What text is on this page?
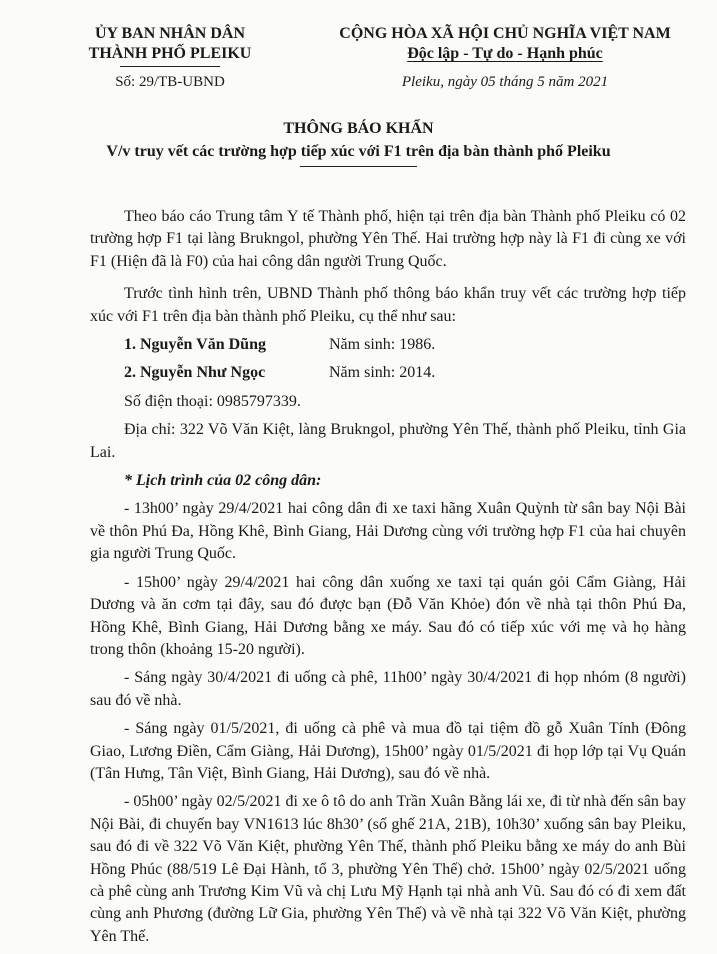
ỦY BAN NHÂN DÂN
THÀNH PHỐ PLEIKU
Số: 29/TB-UBND
CỘNG HÒA XÃ HỘI CHỦ NGHĨA VIỆT NAM
Độc lập - Tự do - Hạnh phúc
Pleiku, ngày 05 tháng 5 năm 2021
THÔNG BÁO KHẨN
V/v truy vết các trường hợp tiếp xúc với F1 trên địa bàn thành phố Pleiku

Theo báo cáo Trung tâm Y tế Thành phố, hiện tại trên địa bàn Thành phố Pleiku có 02 trường hợp F1 tại làng Brukngol, phường Yên Thế. Hai trường hợp này là F1 đi cùng xe với F1 (Hiện đã là F0) của hai công dân người Trung Quốc.

Trước tình hình trên, UBND Thành phố thông báo khẩn truy vết các trường hợp tiếp xúc với F1 trên địa bàn thành phố Pleiku, cụ thể như sau:

1. Nguyễn Văn Dũng	Năm sinh: 1986.
2. Nguyễn Như Ngọc	Năm sinh: 2014.

Số điện thoại: 0985797339.

Địa chỉ: 322 Võ Văn Kiệt, làng Brukngol, phường Yên Thế, thành phố Pleiku, tỉnh Gia Lai.

* Lịch trình của 02 công dân:

- 13h00’ ngày 29/4/2021 hai công dân đi xe taxi hãng Xuân Quỳnh từ sân bay Nội Bài về thôn Phú Đa, Hồng Khê, Bình Giang, Hải Dương cùng với trường hợp F1 của hai chuyên gia người Trung Quốc.

- 15h00’ ngày 29/4/2021 hai công dân xuống xe taxi tại quán gỏi Cẩm Giàng, Hải Dương và ăn cơm tại đây, sau đó được bạn (Đỗ Văn Khỏe) đón về nhà tại thôn Phú Đa, Hồng Khê, Bình Giang, Hải Dương bằng xe máy. Sau đó có tiếp xúc với mẹ và họ hàng trong thôn (khoảng 15-20 người).

- Sáng ngày 30/4/2021 đi uống cà phê, 11h00’ ngày 30/4/2021 đi họp nhóm (8 người) sau đó về nhà.

- Sáng ngày 01/5/2021, đi uống cà phê và mua đồ tại tiệm đồ gỗ Xuân Tính (Đông Giao, Lương Điền, Cẩm Giàng, Hải Dương), 15h00’ ngày 01/5/2021 đi họp lớp tại Vụ Quán (Tân Hưng, Tân Việt, Bình Giang, Hải Dương), sau đó về nhà.

- 05h00’ ngày 02/5/2021 đi xe ô tô do anh Trần Xuân Bằng lái xe, đi từ nhà đến sân bay Nội Bài, đi chuyến bay VN1613 lúc 8h30’ (số ghế 21A, 21B), 10h30’ xuống sân bay Pleiku, sau đó đi về 322 Võ Văn Kiệt, phường Yên Thế, thành phố Pleiku bằng xe máy do anh Bùi Hồng Phúc (88/519 Lê Đại Hành, tổ 3, phường Yên Thế) chở. 15h00’ ngày 02/5/2021 uống cà phê cùng anh Trương Kim Vũ và chị Lưu Mỹ Hạnh tại nhà anh Vũ. Sau đó có đi xem đất cùng anh Phương (đường Lữ Gia, phường Yên Thế) và về nhà tại 322 Võ Văn Kiệt, phường Yên Thế.
